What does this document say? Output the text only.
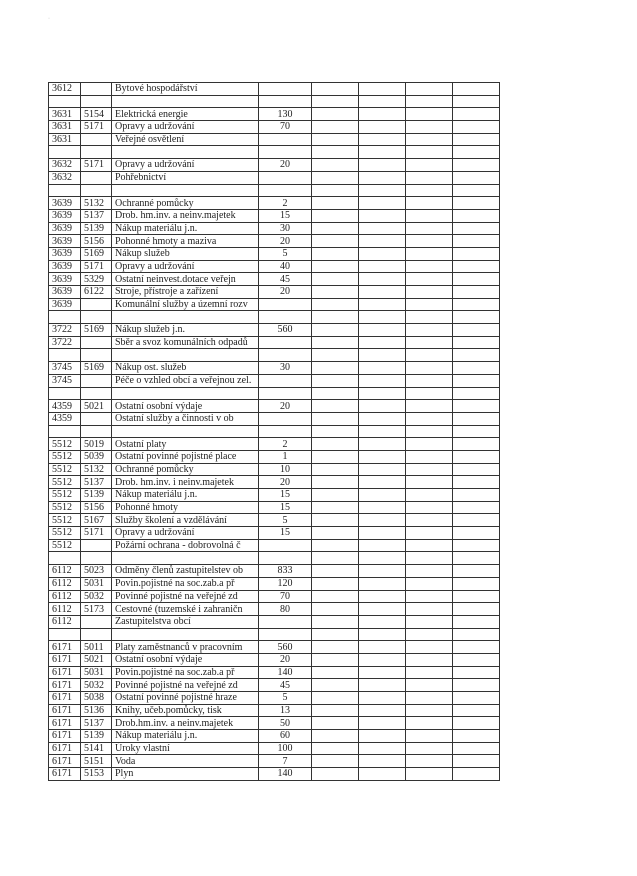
·
3612		Bytové hospodářství					

3631	5154	Elektrická energie	130				
3631	5171	Opravy a udržování	70				
3631		Veřejné osvětlení					

3632	5171	Opravy a udržování	20				
3632		Pohřebnictví					

3639	5132	Ochranné pomůcky	2				
3639	5137	Drob. hm.inv. a neinv.majetek	15				
3639	5139	Nákup materiálu j.n.	30				
3639	5156	Pohonné hmoty a maziva	20				
3639	5169	Nákup služeb	5				
3639	5171	Opravy a udržování	40				
3639	5329	Ostatní neinvest.dotace veřejn	45				
3639	6122	Stroje, přístroje a zařízení	20				
3639		Komunální služby a územní rozv					

3722	5169	Nákup služeb j.n.	560				
3722		Sběr a svoz komunálních odpadů					

3745	5169	Nákup ost. služeb	30				
3745		Péče o vzhled obcí a veřejnou zel.					

4359	5021	Ostatní osobní výdaje	20				
4359		Ostatní služby a činnosti v ob					

5512	5019	Ostatní platy	2				
5512	5039	Ostatní povinné pojistné place	1				
5512	5132	Ochranné pomůcky	10				
5512	5137	Drob. hm.inv. i neinv.majetek	20				
5512	5139	Nákup materiálu j.n.	15				
5512	5156	Pohonné hmoty	15				
5512	5167	Služby školení a vzdělávání	5				
5512	5171	Opravy a udržování	15				
5512		Požární ochrana - dobrovolná č					

6112	5023	Odměny členů zastupitelstev ob	833				
6112	5031	Povin.pojistné na soc.zab.a př	120				
6112	5032	Povinné pojistné na veřejné zd	70				
6112	5173	Cestovné (tuzemské i zahraničn	80				
6112		Zastupitelstva obcí					

6171	5011	Platy zaměstnanců v pracovním	560				
6171	5021	Ostatní osobní výdaje	20				
6171	5031	Povin.pojistné na soc.zab.a př	140				
6171	5032	Povinné pojistné na veřejné zd	45				
6171	5038	Ostatní povinné pojistné hraze	5				
6171	5136	Knihy, učeb.pomůcky, tisk	13				
6171	5137	Drob.hm.inv. a neinv.majetek	50				
6171	5139	Nákup materiálu j.n.	60				
6171	5141	Úroky vlastní	100				
6171	5151	Voda	7				
6171	5153	Plyn	140				
